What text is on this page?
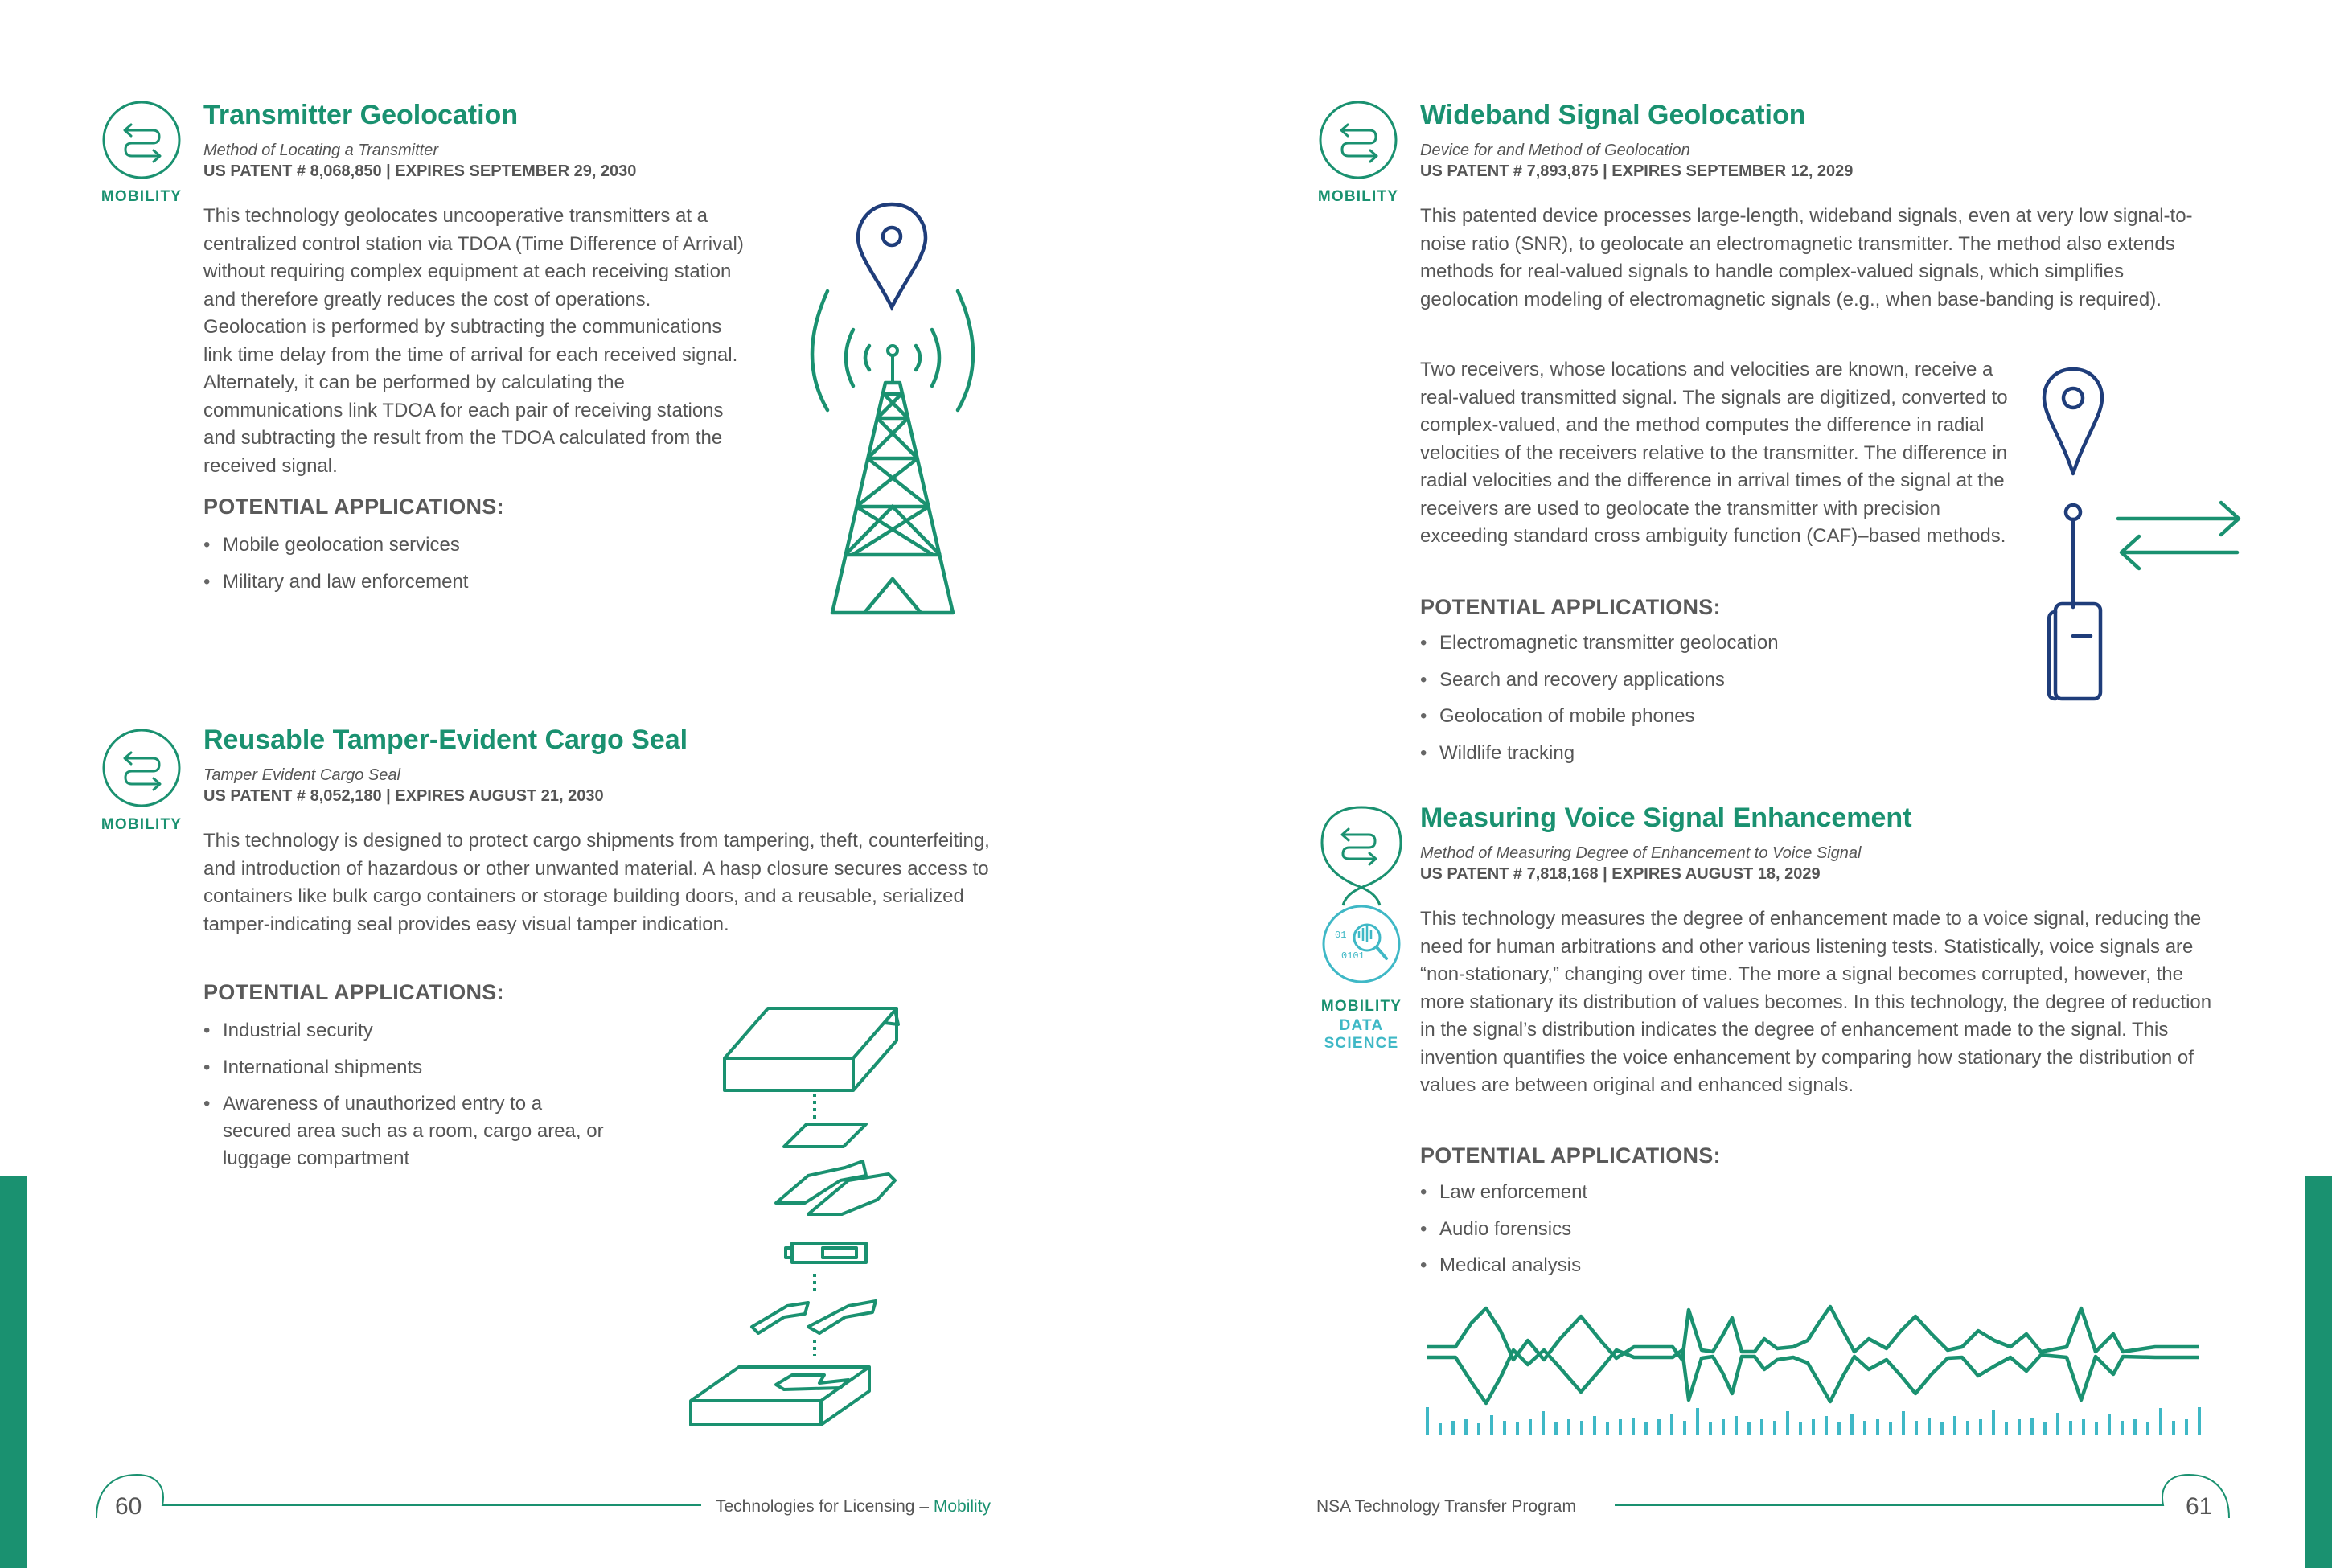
MOBILITY
Transmitter Geolocation
Method of Locating a Transmitter
US PATENT # 8,068,850 | EXPIRES SEPTEMBER 29, 2030

This technology geolocates uncooperative transmitters at a centralized control station via TDOA (Time Difference of Arrival) without requiring complex equipment at each receiving station and therefore greatly reduces the cost of operations. Geolocation is performed by subtracting the communications link time delay from the time of arrival for each received signal. Alternately, it can be performed by calculating the communications link TDOA for each pair of receiving stations and subtracting the result from the TDOA calculated from the received signal.

POTENTIAL APPLICATIONS:
• Mobile geolocation services
• Military and law enforcement
MOBILITY
Reusable Tamper-Evident Cargo Seal
Tamper Evident Cargo Seal
US PATENT # 8,052,180 | EXPIRES AUGUST 21, 2030

This technology is designed to protect cargo shipments from tampering, theft, counterfeiting, and introduction of hazardous or other unwanted material. A hasp closure secures access to containers like bulk cargo containers or storage building doors, and a reusable, serialized tamper-indicating seal provides easy visual tamper indication.

POTENTIAL APPLICATIONS:
• Industrial security
• International shipments
• Awareness of unauthorized entry to a secured area such as a room, cargo area, or luggage compartment
60	Technologies for Licensing – Mobility
MOBILITY
Wideband Signal Geolocation
Device for and Method of Geolocation
US PATENT # 7,893,875 | EXPIRES SEPTEMBER 12, 2029

This patented device processes large-length, wideband signals, even at very low signal-to-noise ratio (SNR), to geolocate an electromagnetic transmitter. The method also extends methods for real-valued signals to handle complex-valued signals, which simplifies geolocation modeling of electromagnetic signals (e.g., when base-banding is required).

Two receivers, whose locations and velocities are known, receive a real-valued transmitted signal. The signals are digitized, converted to complex-valued, and the method computes the difference in radial velocities of the receivers relative to the transmitter. The difference in radial velocities and the difference in arrival times of the signal at the receivers are used to geolocate the transmitter with precision exceeding standard cross ambiguity function (CAF)–based methods.

POTENTIAL APPLICATIONS:
• Electromagnetic transmitter geolocation
• Search and recovery applications
• Geolocation of mobile phones
• Wildlife tracking
01
0101
MOBILITY
DATA
SCIENCE
Measuring Voice Signal Enhancement
Method of Measuring Degree of Enhancement to Voice Signal
US PATENT # 7,818,168 | EXPIRES AUGUST 18, 2029

This technology measures the degree of enhancement made to a voice signal, reducing the need for human arbitrations and other various listening tests. Statistically, voice signals are “non-stationary,” changing over time. The more a signal becomes corrupted, however, the more stationary its distribution of values becomes. In this technology, the degree of reduction in the signal’s distribution indicates the degree of enhancement made to the signal. This invention quantifies the voice enhancement by comparing how stationary the distribution of values are between original and enhanced signals.

POTENTIAL APPLICATIONS:
• Law enforcement
• Audio forensics
• Medical analysis
NSA Technology Transfer Program	61
